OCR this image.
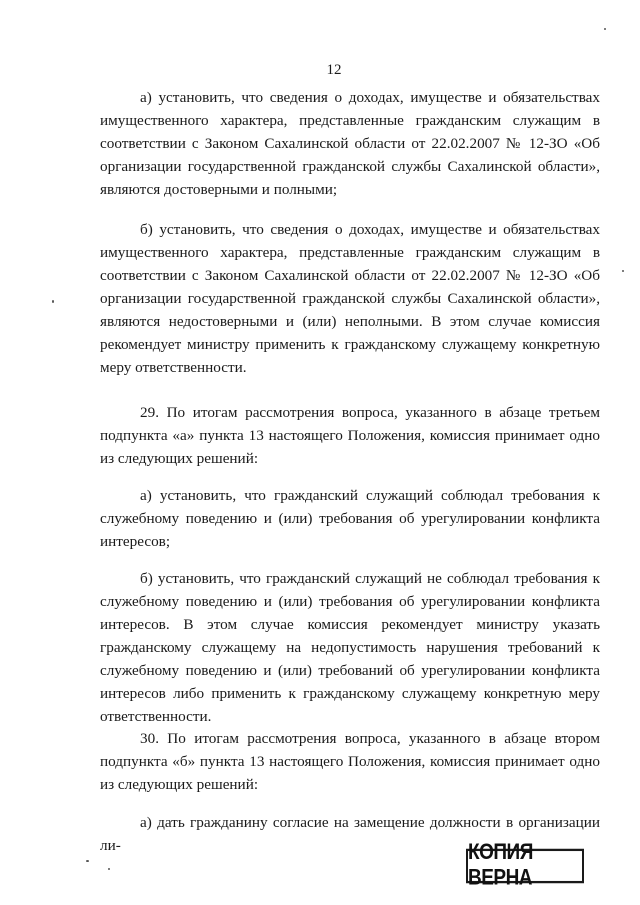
12

а) установить, что сведения о доходах, имуществе и обязательствах имущественного характера, представленные гражданским служащим в соответствии с Законом Сахалинской области от 22.02.2007 № 12-ЗО «Об организации государственной гражданской службы Сахалинской области», являются достоверными и полными;

б) установить, что сведения о доходах, имуществе и обязательствах имущественного характера, представленные гражданским служащим в соответствии с Законом Сахалинской области от 22.02.2007 № 12-ЗО «Об организации государственной гражданской службы Сахалинской области», являются недостоверными и (или) неполными. В этом случае комиссия рекомендует министру применить к гражданскому служащему конкретную меру ответственности.

29. По итогам рассмотрения вопроса, указанного в абзаце третьем подпункта «а» пункта 13 настоящего Положения, комиссия принимает одно из следующих решений:

а) установить, что гражданский служащий соблюдал требования к служебному поведению и (или) требования об урегулировании конфликта интересов;

б) установить, что гражданский служащий не соблюдал требования к служебному поведению и (или) требования об урегулировании конфликта интересов. В этом случае комиссия рекомендует министру указать гражданскому служащему на недопустимость нарушения требований к служебному поведению и (или) требований об урегулировании конфликта интересов либо применить к гражданскому служащему конкретную меру ответственности.

30. По итогам рассмотрения вопроса, указанного в абзаце втором подпункта «б» пункта 13 настоящего Положения, комиссия принимает одно из следующих решений:

а) дать гражданину согласие на замещение должности в организации ли-	КОПИЯ ВЕРНА
